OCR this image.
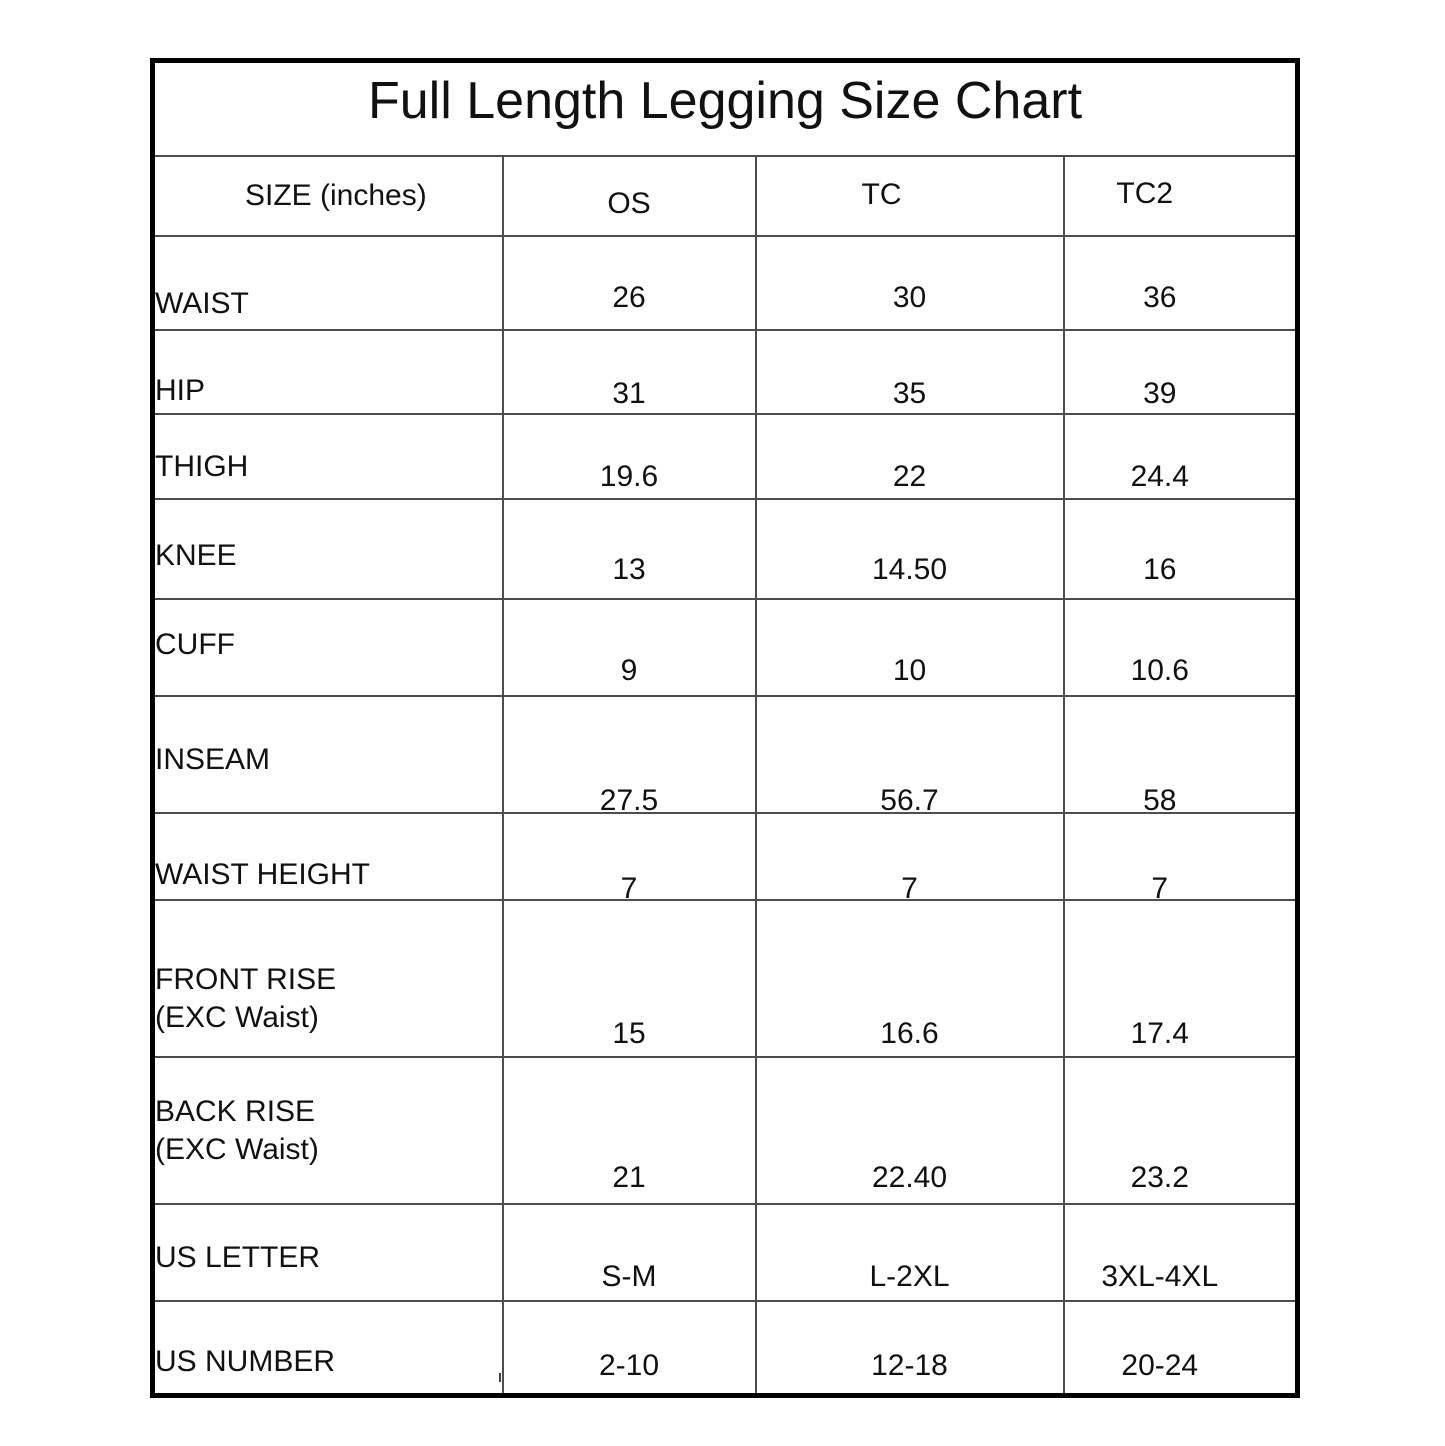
Full Length Legging Size Chart			

SIZE (inches)	OS	TC	TC2

WAIST	26	30	36

HIP	31	35	39

THIGH	19.6	22	24.4

KNEE	13	14.50	16

CUFF	9	10	10.6

INSEAM	27.5	56.7	58

WAIST HEIGHT	7	7	7

FRONT RISE
(EXC Waist)	15	16.6	17.4

BACK RISE
(EXC Waist)	21	22.40	23.2

US LETTER	S-M	L-2XL	3XL-4XL

US NUMBER	2-10	12-18	20-24
